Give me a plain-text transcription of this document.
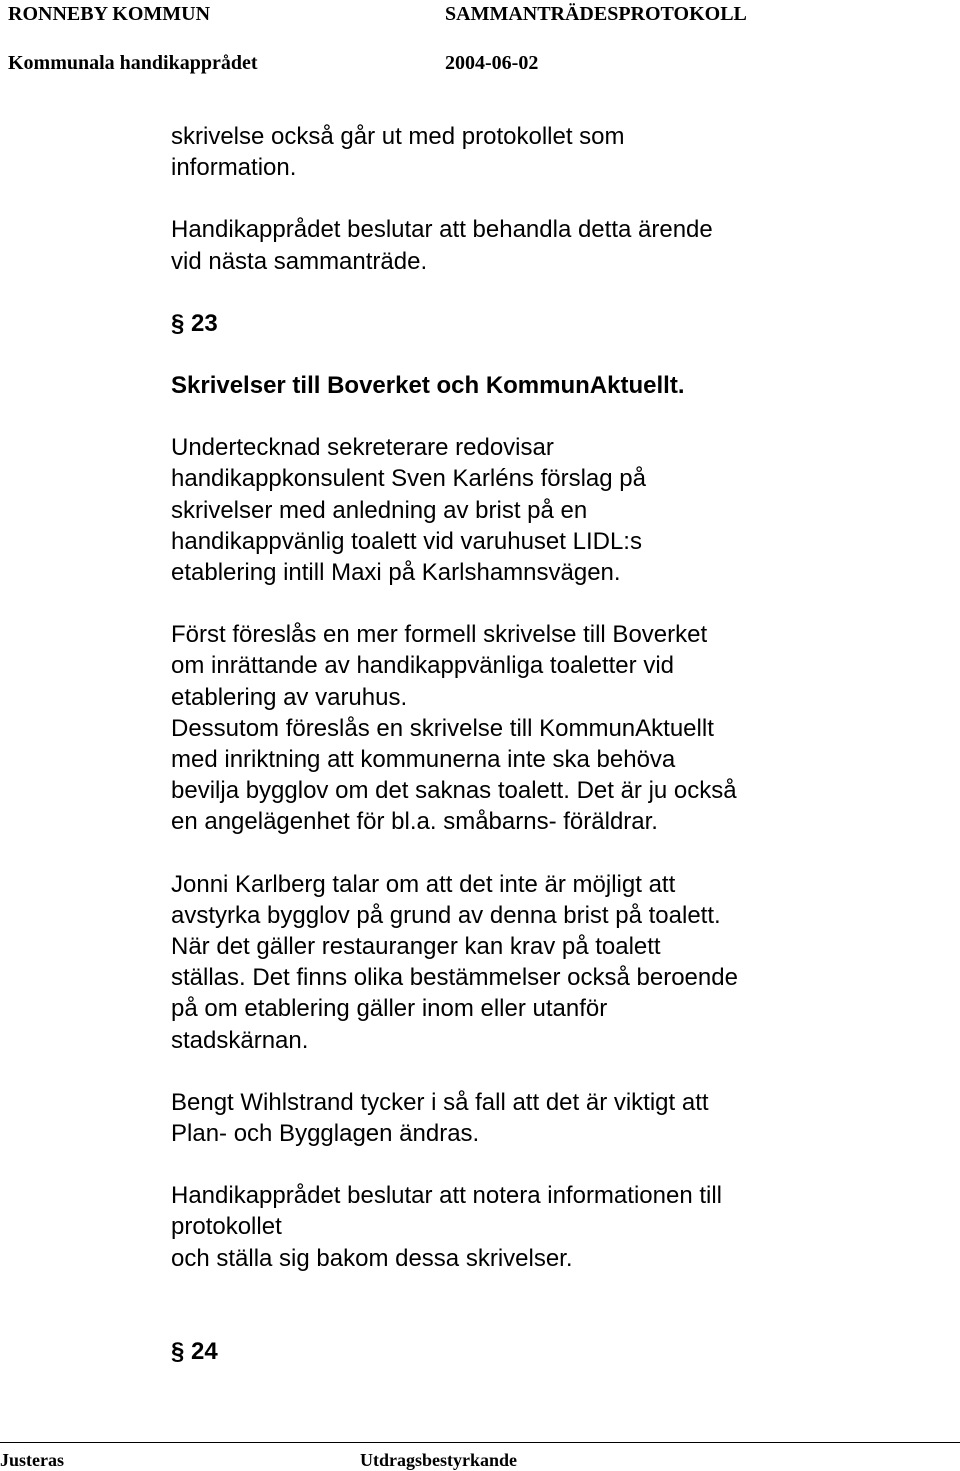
RONNEBY KOMMUN	SAMMANTRÄDESPROTOKOLL
Kommunala handikapprådet	2004-06-02

skrivelse också går ut med protokollet som
information.

Handikapprådet beslutar att behandla detta ärende
vid nästa sammanträde.

§ 23

Skrivelser till Boverket och KommunAktuellt.

Undertecknad sekreterare redovisar
handikappkonsulent Sven Karléns förslag på
skrivelser med anledning av brist på en
handikappvänlig toalett vid varuhuset LIDL:s
etablering intill Maxi på Karlshamnsvägen.

Först föreslås en mer formell skrivelse till Boverket
om inrättande av handikappvänliga toaletter vid
etablering av varuhus.

Dessutom föreslås en skrivelse till KommunAktuellt
med inriktning att kommunerna inte ska behöva
bevilja bygglov om det saknas toalett. Det är ju också
en angelägenhet för bl.a. småbarns- föräldrar.

Jonni Karlberg talar om att det inte är möjligt att
avstyrka bygglov på grund av denna brist på toalett.
När det gäller restauranger kan krav på toalett
ställas. Det finns olika bestämmelser också beroende
på om etablering gäller inom eller utanför
stadskärnan.

Bengt Wihlstrand tycker i så fall att det är viktigt att
Plan- och Bygglagen ändras.

Handikapprådet beslutar att notera informationen till
protokollet
och ställa sig bakom dessa skrivelser.

§ 24

Justeras	Utdragsbestyrkande
